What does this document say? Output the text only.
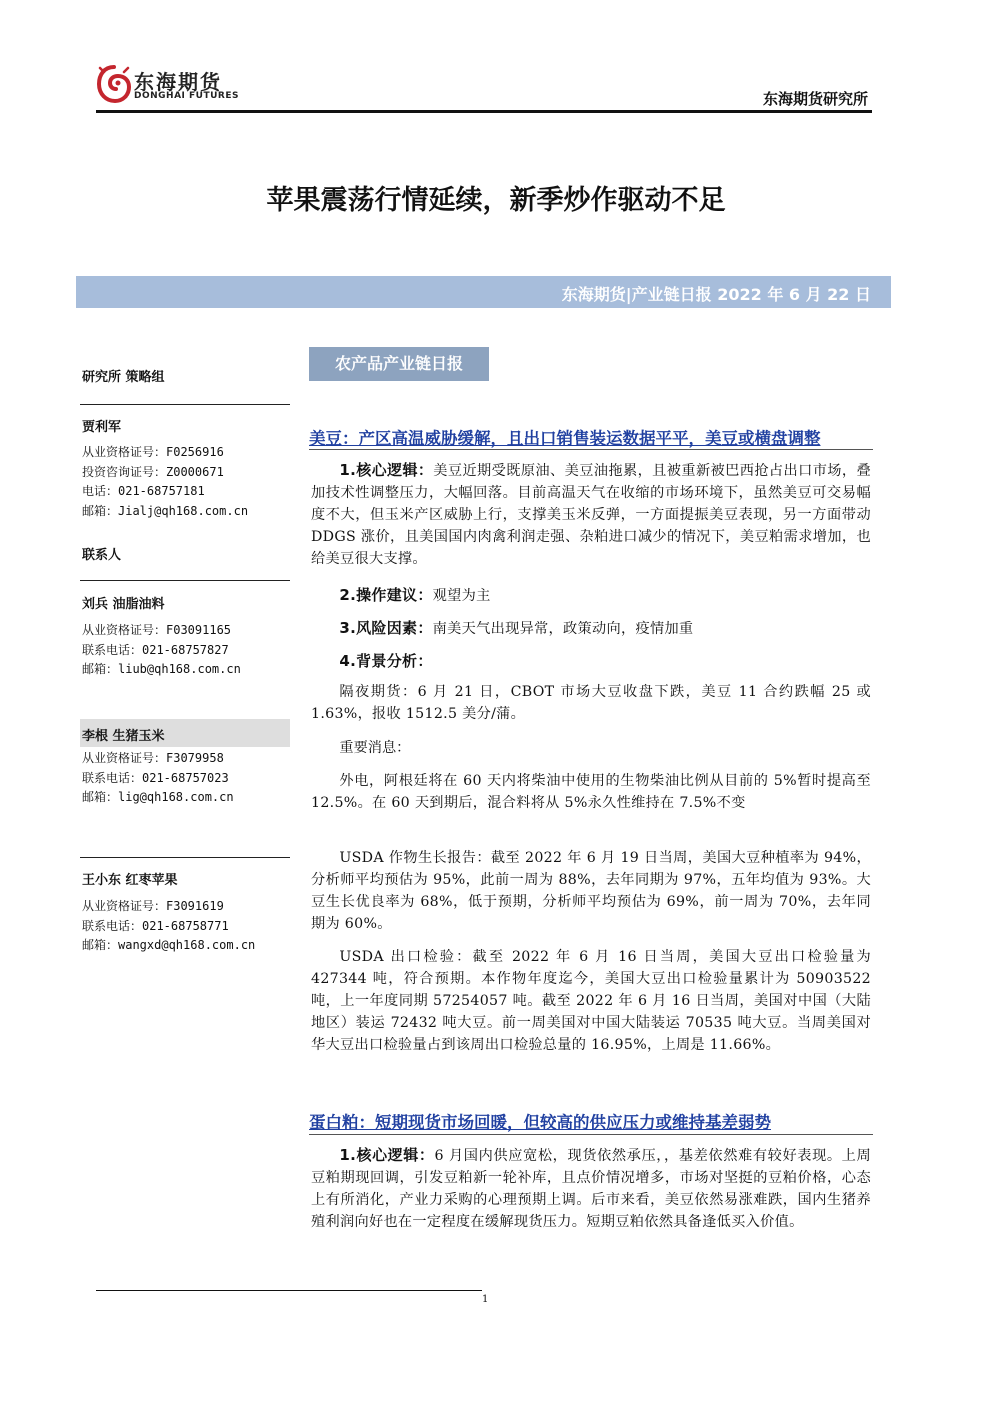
东海期货
DONGHAI FUTURES	东海期货研究所
苹果震荡行情延续，新季炒作驱动不足
东海期货|产业链日报 2022 年 6 月 22 日
研究所 策略组
贾利军
从业资格证号：F0256916
投资咨询证号：Z0000671
电话：021-68757181
邮箱：Jialj@qh168.com.cn
联系人
刘兵 油脂油料
从业资格证号：F03091165
联系电话：021-68757827
邮箱：liub@qh168.com.cn
李根 生猪玉米
从业资格证号：F3079958
联系电话：021-68757023
邮箱：lig@qh168.com.cn
王小东 红枣苹果
从业资格证号：F3091619
联系电话：021-68758771
邮箱：wangxd@qh168.com.cn
农产品产业链日报
美豆：产区高温威胁缓解，且出口销售装运数据平平，美豆或横盘调整
1.核心逻辑：美豆近期受既原油、美豆油拖累，且被重新被巴西抢占出口市场，叠加技术性调整压力，大幅回落。目前高温天气在收缩的市场环境下，虽然美豆可交易幅度不大，但玉米产区威胁上行，支撑美玉米反弹，一方面提振美豆表现，另一方面带动 DDGS 涨价，且美国国内肉禽利润走强、杂粕进口减少的情况下，美豆粕需求增加，也给美豆很大支撑。
2.操作建议：观望为主
3.风险因素：南美天气出现异常，政策动向，疫情加重
4.背景分析：
隔夜期货：6 月 21 日，CBOT 市场大豆收盘下跌，美豆 11 合约跌幅 25 或 1.63%，报收 1512.5 美分/蒲。
重要消息：
外电，阿根廷将在 60 天内将柴油中使用的生物柴油比例从目前的 5%暂时提高至 12.5%。在 60 天到期后，混合料将从 5%永久性维持在 7.5%不变
USDA 作物生长报告：截至 2022 年 6 月 19 日当周，美国大豆种植率为 94%，分析师平均预估为 95%，此前一周为 88%，去年同期为 97%，五年均值为 93%。大豆生长优良率为 68%，低于预期，分析师平均预估为 69%，前一周为 70%，去年同期为 60%。
USDA 出口检验：截至 2022 年 6 月 16 日当周，美国大豆出口检验量为 427344 吨，符合预期。本作物年度迄今，美国大豆出口检验量累计为 50903522吨，上一年度同期 57254057 吨。截至 2022 年 6 月 16 日当周，美国对中国（大陆地区）装运 72432 吨大豆。前一周美国对中国大陆装运 70535 吨大豆。当周美国对华大豆出口检验量占到该周出口检验总量的 16.95%，上周是 11.66%。
蛋白粕：短期现货市场回暖，但较高的供应压力或维持基差弱势
1.核心逻辑：6 月国内供应宽松，现货依然承压，，基差依然难有较好表现。上周豆粕期现回调，引发豆粕新一轮补库，且点价情况增多，市场对坚挺的豆粕价格，心态上有所消化，产业力采购的心理预期上调。后市来看，美豆依然易涨难跌，国内生猪养殖利润向好也在一定程度在缓解现货压力。短期豆粕依然具备逢低买入价值。
1
